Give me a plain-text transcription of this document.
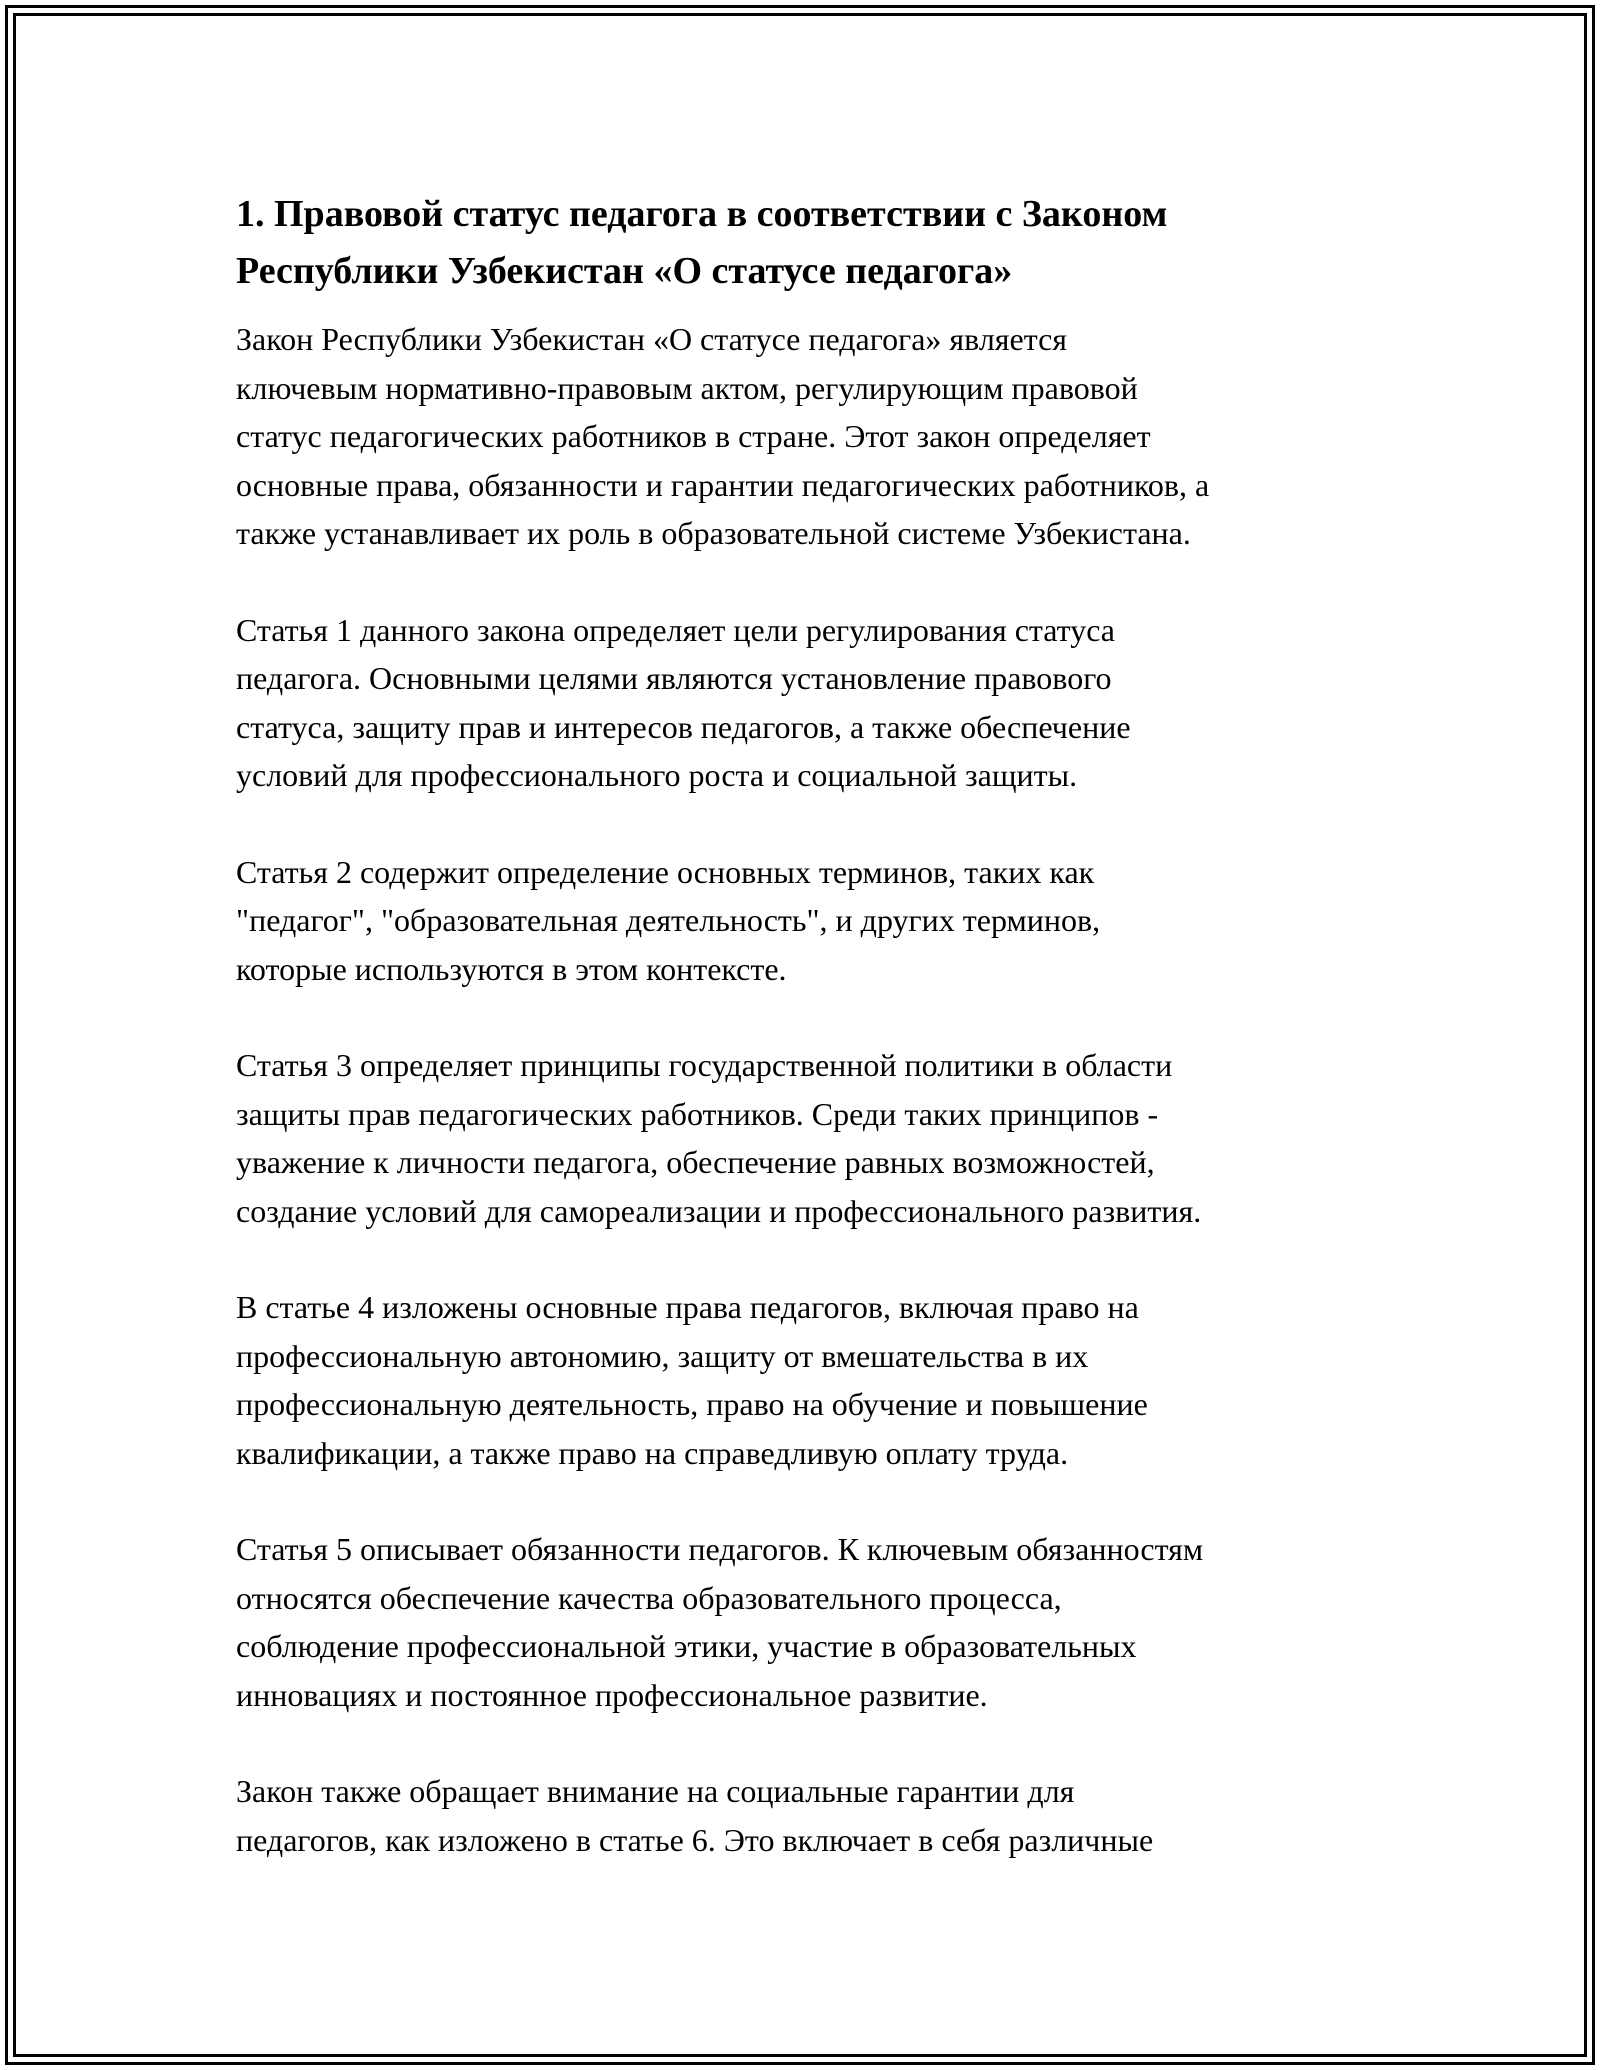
1. Правовой статус педагога в соответствии с Законом
Республики Узбекистан «О статусе педагога»

Закон Республики Узбекистан «О статусе педагога» является
ключевым нормативно-правовым актом, регулирующим правовой
статус педагогических работников в стране. Этот закон определяет
основные права, обязанности и гарантии педагогических работников, а
также устанавливает их роль в образовательной системе Узбекистана.

Статья 1 данного закона определяет цели регулирования статуса
педагога. Основными целями являются установление правового
статуса, защиту прав и интересов педагогов, а также обеспечение
условий для профессионального роста и социальной защиты.

Статья 2 содержит определение основных терминов, таких как
"педагог", "образовательная деятельность", и других терминов,
которые используются в этом контексте.

Статья 3 определяет принципы государственной политики в области
защиты прав педагогических работников. Среди таких принципов -
уважение к личности педагога, обеспечение равных возможностей,
создание условий для самореализации и профессионального развития.

В статье 4 изложены основные права педагогов, включая право на
профессиональную автономию, защиту от вмешательства в их
профессиональную деятельность, право на обучение и повышение
квалификации, а также право на справедливую оплату труда.

Статья 5 описывает обязанности педагогов. К ключевым обязанностям
относятся обеспечение качества образовательного процесса,
соблюдение профессиональной этики, участие в образовательных
инновациях и постоянное профессиональное развитие.

Закон также обращает внимание на социальные гарантии для
педагогов, как изложено в статье 6. Это включает в себя различные
